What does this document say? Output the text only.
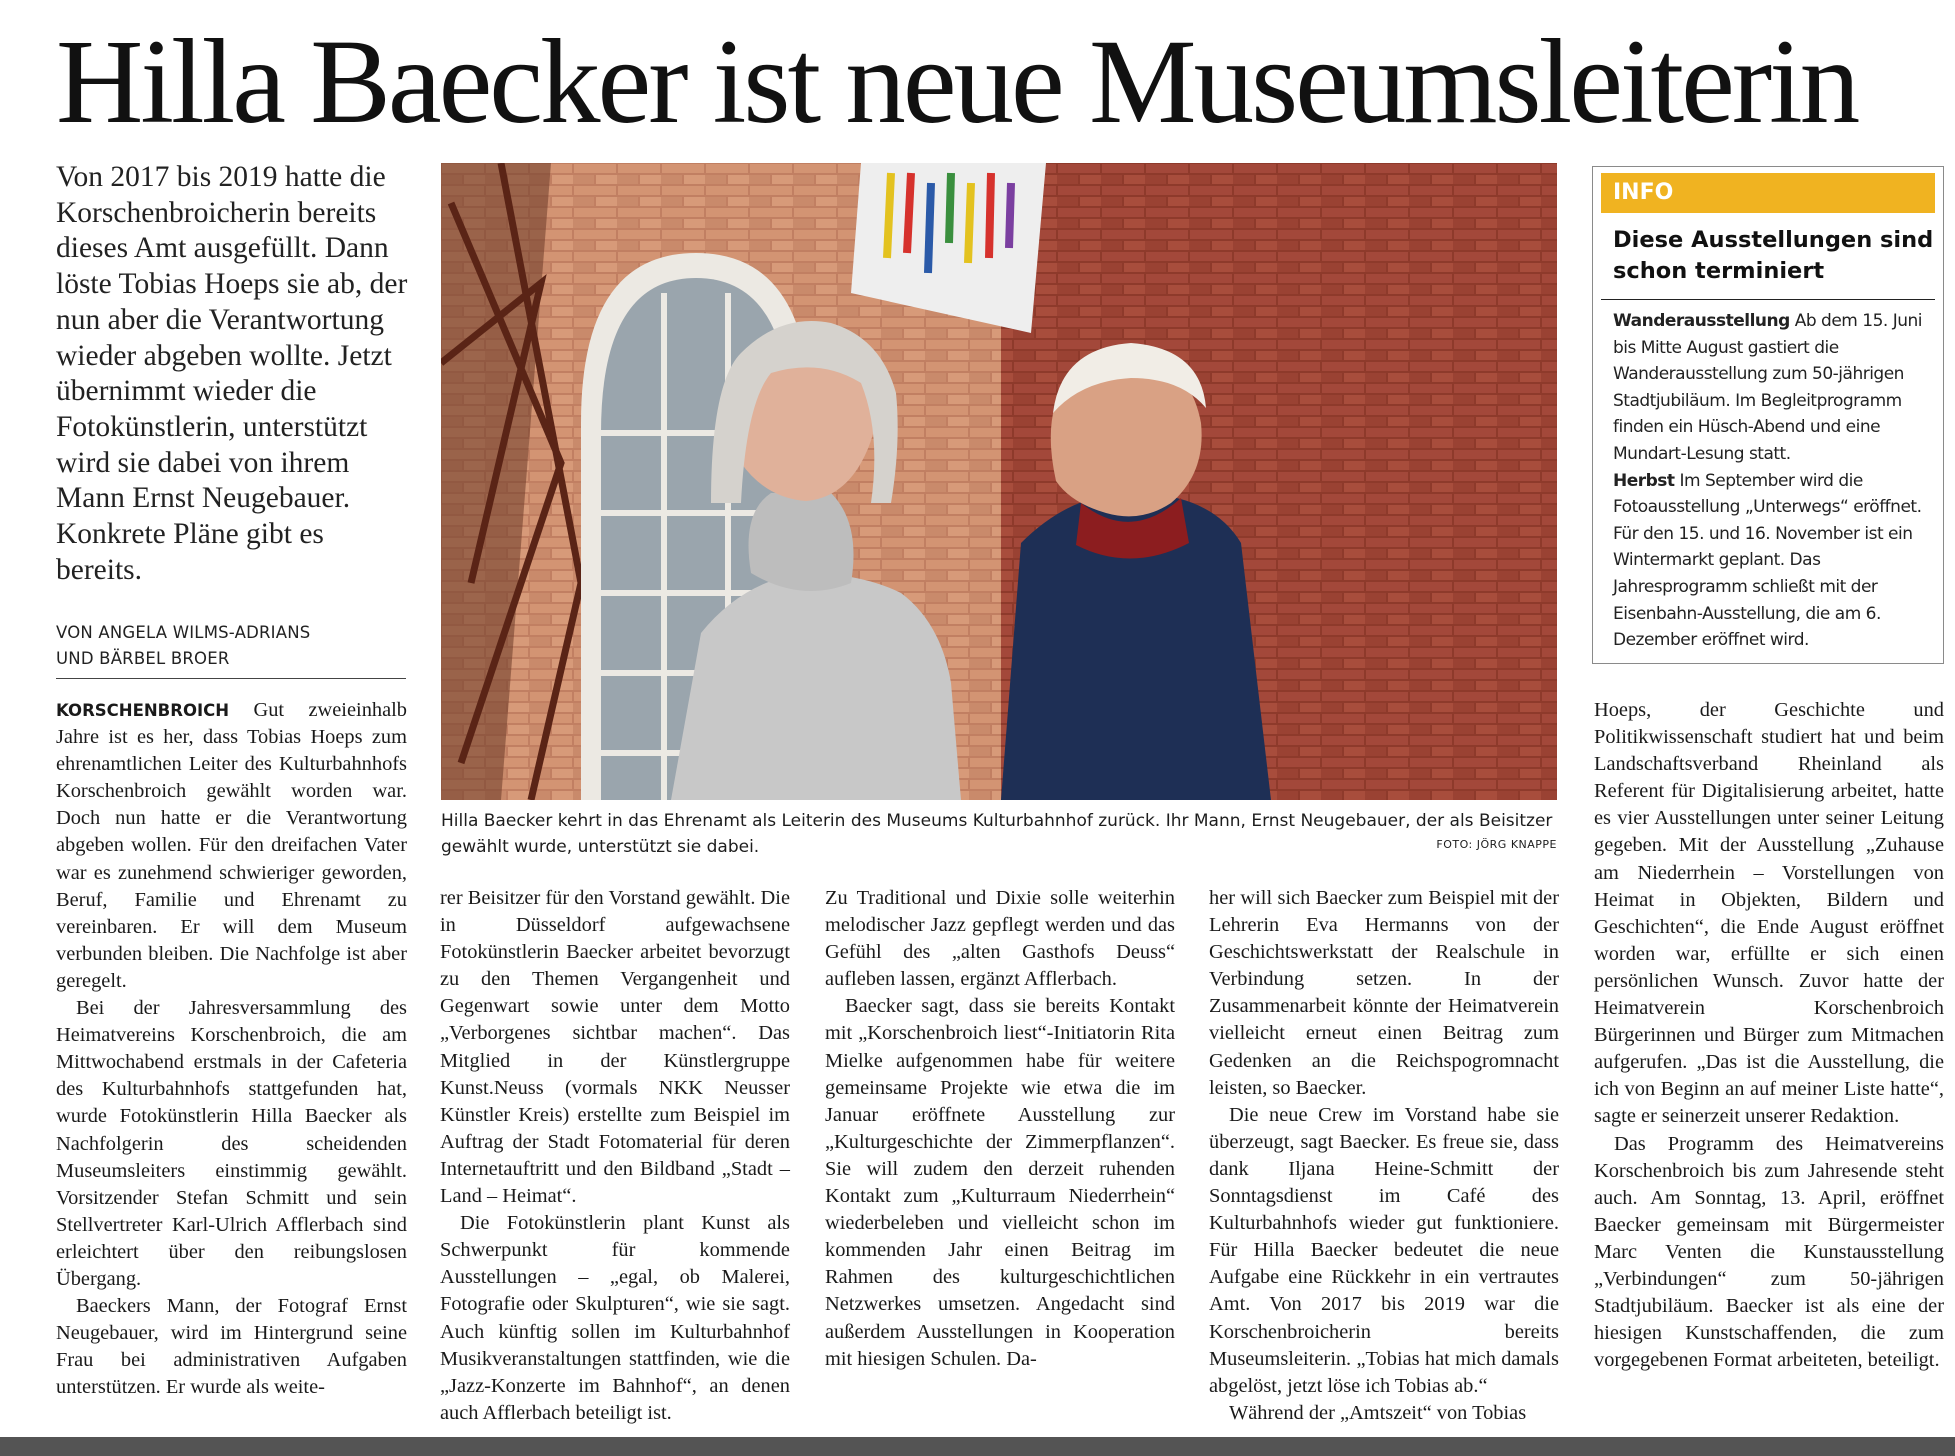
Hilla Baecker ist neue Museumsleiterin

Von 2017 bis 2019 hatte die Korschenbroicherin bereits dieses Amt ausgefüllt. Dann löste Tobias Hoeps sie ab, der nun aber die Verantwortung wieder abgeben wollte. Jetzt übernimmt wieder die Fotokünstlerin, unterstützt wird sie dabei von ihrem Mann Ernst Neugebauer. Konkrete Pläne gibt es bereits.

VON ANGELA WILMS-ADRIANS
UND BÄRBEL BROER
Hilla Baecker kehrt in das Ehrenamt als Leiterin des Museums Kulturbahnhof zurück. Ihr Mann, Ernst Neugebauer, der als Beisitzer gewählt wurde, unterstützt sie dabei.	FOTO: JÖRG KNAPPE
INFO
Diese Ausstellungen sind schon terminiert

Wanderausstellung Ab dem 15. Juni bis Mitte August gastiert die Wanderausstellung zum 50-jährigen Stadtjubiläum. Im Begleitprogramm finden ein Hüsch-Abend und eine Mundart-Lesung statt.

Herbst Im September wird die Fotoausstellung „Unterwegs“ eröffnet. Für den 15. und 16. November ist ein Wintermarkt geplant. Das Jahresprogramm schließt mit der Eisenbahn-Ausstellung, die am 6. Dezember eröffnet wird.

KORSCHENBROICH Gut zweieinhalb Jahre ist es her, dass Tobias Hoeps zum ehrenamtlichen Leiter des Kulturbahnhofs Korschenbroich gewählt worden war. Doch nun hatte er die Verantwortung abgeben wollen. Für den dreifachen Vater war es zunehmend schwieriger geworden, Beruf, Familie und Ehrenamt zu vereinbaren. Er will dem Museum verbunden bleiben. Die Nachfolge ist aber geregelt.

Bei der Jahresversammlung des Heimatvereins Korschenbroich, die am Mittwochabend erstmals in der Cafeteria des Kulturbahnhofs stattgefunden hat, wurde Fotokünstlerin Hilla Baecker als Nachfolgerin des scheidenden Museumsleiters einstimmig gewählt. Vorsitzender Stefan Schmitt und sein Stellvertreter Karl-Ulrich Afflerbach sind erleichtert über den reibungslosen Übergang.

Baeckers Mann, der Fotograf Ernst Neugebauer, wird im Hintergrund seine Frau bei administrativen Aufgaben unterstützen. Er wurde als weite-

rer Beisitzer für den Vorstand gewählt. Die in Düsseldorf aufgewachsene Fotokünstlerin Baecker arbeitet bevorzugt zu den Themen Vergangenheit und Gegenwart sowie unter dem Motto „Verborgenes sichtbar machen“. Das Mitglied in der Künstlergruppe Kunst.Neuss (vormals NKK Neusser Künstler Kreis) erstellte zum Beispiel im Auftrag der Stadt Fotomaterial für deren Internetauftritt und den Bildband „Stadt – Land – Heimat“.

Die Fotokünstlerin plant Kunst als Schwerpunkt für kommende Ausstellungen – „egal, ob Malerei, Fotografie oder Skulpturen“, wie sie sagt. Auch künftig sollen im Kulturbahnhof Musikveranstaltungen stattfinden, wie die „Jazz-Konzerte im Bahnhof“, an denen auch Afflerbach beteiligt ist.

Zu Traditional und Dixie solle weiterhin melodischer Jazz gepflegt werden und das Gefühl des „alten Gasthofs Deuss“ aufleben lassen, ergänzt Afflerbach.

Baecker sagt, dass sie bereits Kontakt mit „Korschenbroich liest“-Initiatorin Rita Mielke aufgenommen habe für weitere gemeinsame Projekte wie etwa die im Januar eröffnete Ausstellung zur „Kulturgeschichte der Zimmerpflanzen“. Sie will zudem den derzeit ruhenden Kontakt zum „Kulturraum Niederrhein“ wiederbeleben und vielleicht schon im kommenden Jahr einen Beitrag im Rahmen des kulturgeschichtlichen Netzwerkes umsetzen. Angedacht sind außerdem Ausstellungen in Kooperation mit hiesigen Schulen. Da-

her will sich Baecker zum Beispiel mit der Lehrerin Eva Hermanns von der Geschichtswerkstatt der Realschule in Verbindung setzen. In der Zusammenarbeit könnte der Heimatverein vielleicht erneut einen Beitrag zum Gedenken an die Reichspogromnacht leisten, so Baecker.

Die neue Crew im Vorstand habe sie überzeugt, sagt Baecker. Es freue sie, dass dank Iljana Heine-Schmitt der Sonntagsdienst im Café des Kulturbahnhofs wieder gut funktioniere. Für Hilla Baecker bedeutet die neue Aufgabe eine Rückkehr in ein vertrautes Amt. Von 2017 bis 2019 war die Korschenbroicherin bereits Museumsleiterin. „Tobias hat mich damals abgelöst, jetzt löse ich Tobias ab.“

Während der „Amtszeit“ von Tobias

Hoeps, der Geschichte und Politikwissenschaft studiert hat und beim Landschaftsverband Rheinland als Referent für Digitalisierung arbeitet, hatte es vier Ausstellungen unter seiner Leitung gegeben. Mit der Ausstellung „Zuhause am Niederrhein – Vorstellungen von Heimat in Objekten, Bildern und Geschichten“, die Ende August eröffnet worden war, erfüllte er sich einen persönlichen Wunsch. Zuvor hatte der Heimatverein Korschenbroich Bürgerinnen und Bürger zum Mitmachen aufgerufen. „Das ist die Ausstellung, die ich von Beginn an auf meiner Liste hatte“, sagte er seinerzeit unserer Redaktion.

Das Programm des Heimatvereins Korschenbroich bis zum Jahresende steht auch. Am Sonntag, 13. April, eröffnet Baecker gemeinsam mit Bürgermeister Marc Venten die Kunstausstellung „Verbindungen“ zum 50-jährigen Stadtjubiläum. Baecker ist als eine der hiesigen Kunstschaffenden, die zum vorgegebenen Format arbeiteten, beteiligt.
